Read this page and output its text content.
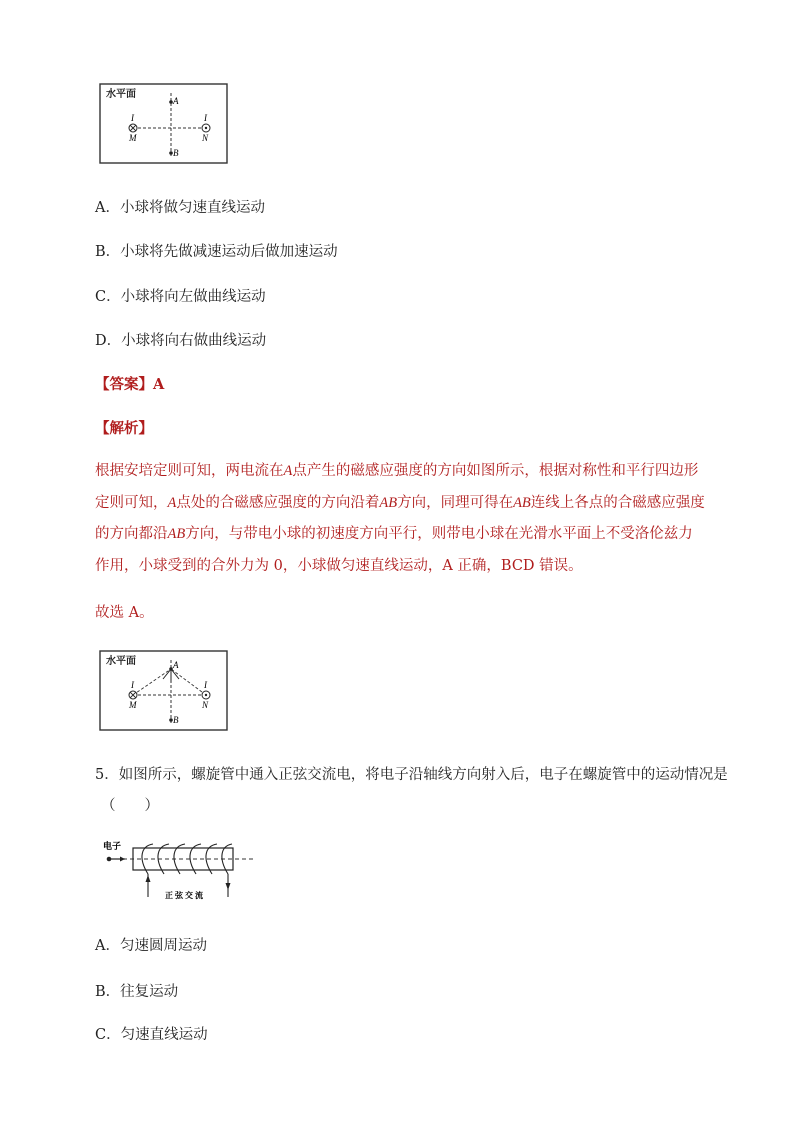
水平面
A
B
I
M
I
N
A．小球将做匀速直线运动
B．小球将先做减速运动后做加速运动
C．小球将向左做曲线运动
D．小球将向右做曲线运动
【答案】A
【解析】
根据安培定则可知，两电流在A点产生的磁感应强度的方向如图所示，根据对称性和平行四边形定则可知，A点处的合磁感应强度的方向沿着AB方向，同理可得在AB连线上各点的合磁感应强度的方向都沿AB方向，与带电小球的初速度方向平行，则带电小球在光滑水平面上不受洛伦兹力作用，小球受到的合外力为 0，小球做匀速直线运动，A 正确，BCD 错误。
故选 A。
水平面	A
B
I
M
I
N
5．如图所示，螺旋管中通入正弦交流电，将电子沿轴线方向射入后，电子在螺旋管中的运动情况是
（　　）
电子
正 弦 交 流
A．匀速圆周运动
B．往复运动
C．匀速直线运动
